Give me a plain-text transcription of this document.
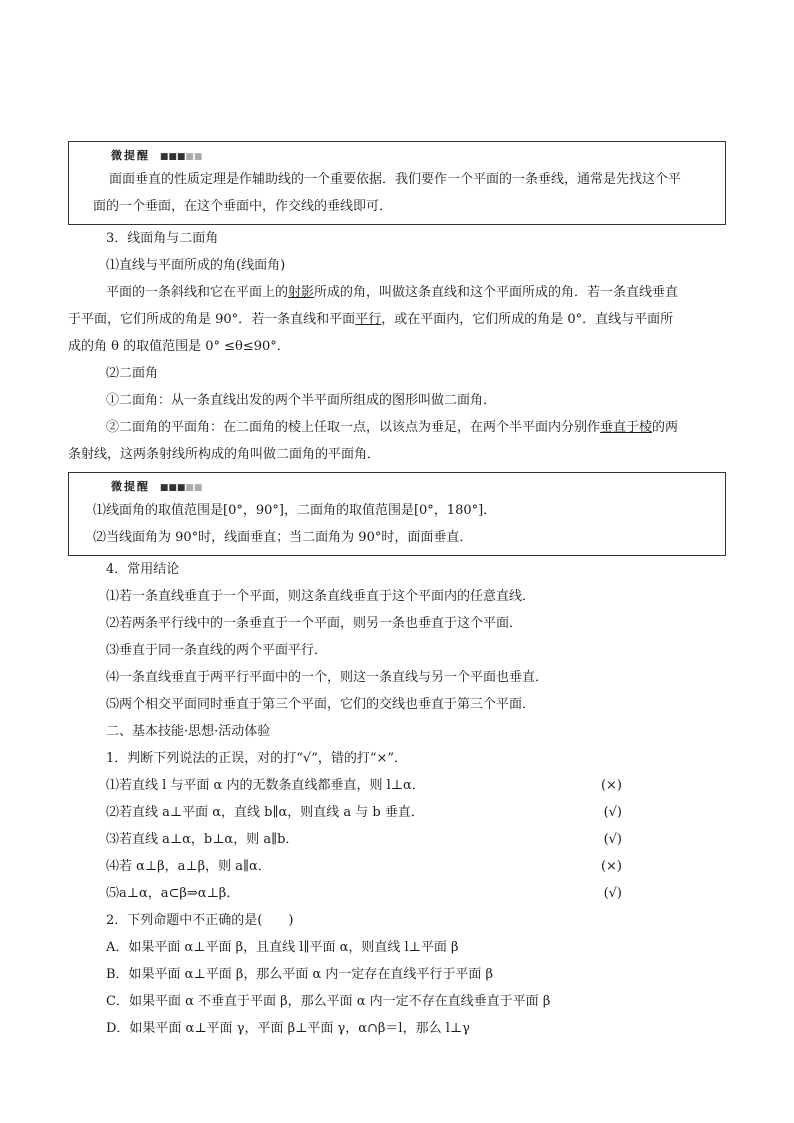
微提醒 ■■■■■
面面垂直的性质定理是作辅助线的一个重要依据．我们要作一个平面的一条垂线，通常是先找这个平
面的一个垂面，在这个垂面中，作交线的垂线即可．
3．线面角与二面角
⑴直线与平面所成的角(线面角)
平面的一条斜线和它在平面上的射影所成的角，叫做这条直线和这个平面所成的角．若一条直线垂直
于平面，它们所成的角是 90°．若一条直线和平面平行，或在平面内，它们所成的角是 0°．直线与平面所
成的角 θ 的取值范围是 0° ≤θ≤90°．
⑵二面角
①二面角：从一条直线出发的两个半平面所组成的图形叫做二面角．
②二面角的平面角：在二面角的棱上任取一点，以该点为垂足，在两个半平面内分别作垂直于棱的两
条射线，这两条射线所构成的角叫做二面角的平面角．
微提醒 ■■■■■
⑴线面角的取值范围是[0°，90°]，二面角的取值范围是[0°，180°]．
⑵当线面角为 90°时，线面垂直；当二面角为 90°时，面面垂直．
4．常用结论
⑴若一条直线垂直于一个平面，则这条直线垂直于这个平面内的任意直线．
⑵若两条平行线中的一条垂直于一个平面，则另一条也垂直于这个平面．
⑶垂直于同一条直线的两个平面平行．
⑷一条直线垂直于两平行平面中的一个，则这一条直线与另一个平面也垂直．
⑸两个相交平面同时垂直于第三个平面，它们的交线也垂直于第三个平面．
二、基本技能·思想·活动体验
1．判断下列说法的正误，对的打“√”，错的打“×”．
⑴若直线 l 与平面 α 内的无数条直线都垂直，则 l⊥α．	(×)
⑵若直线 a⊥平面 α，直线 b∥α，则直线 a 与 b 垂直．	(√)
⑶若直线 a⊥α，b⊥α，则 a∥b．	(√)
⑷若 α⊥β，a⊥β，则 a∥α．	(×)
⑸a⊥α，a⊂β⇒α⊥β．	(√)
2．下列命题中不正确的是(　　)
A．如果平面 α⊥平面 β，且直线 l∥平面 α，则直线 l⊥平面 β
B．如果平面 α⊥平面 β，那么平面 α 内一定存在直线平行于平面 β
C．如果平面 α 不垂直于平面 β，那么平面 α 内一定不存在直线垂直于平面 β
D．如果平面 α⊥平面 γ，平面 β⊥平面 γ，α∩β＝l，那么 l⊥γ
